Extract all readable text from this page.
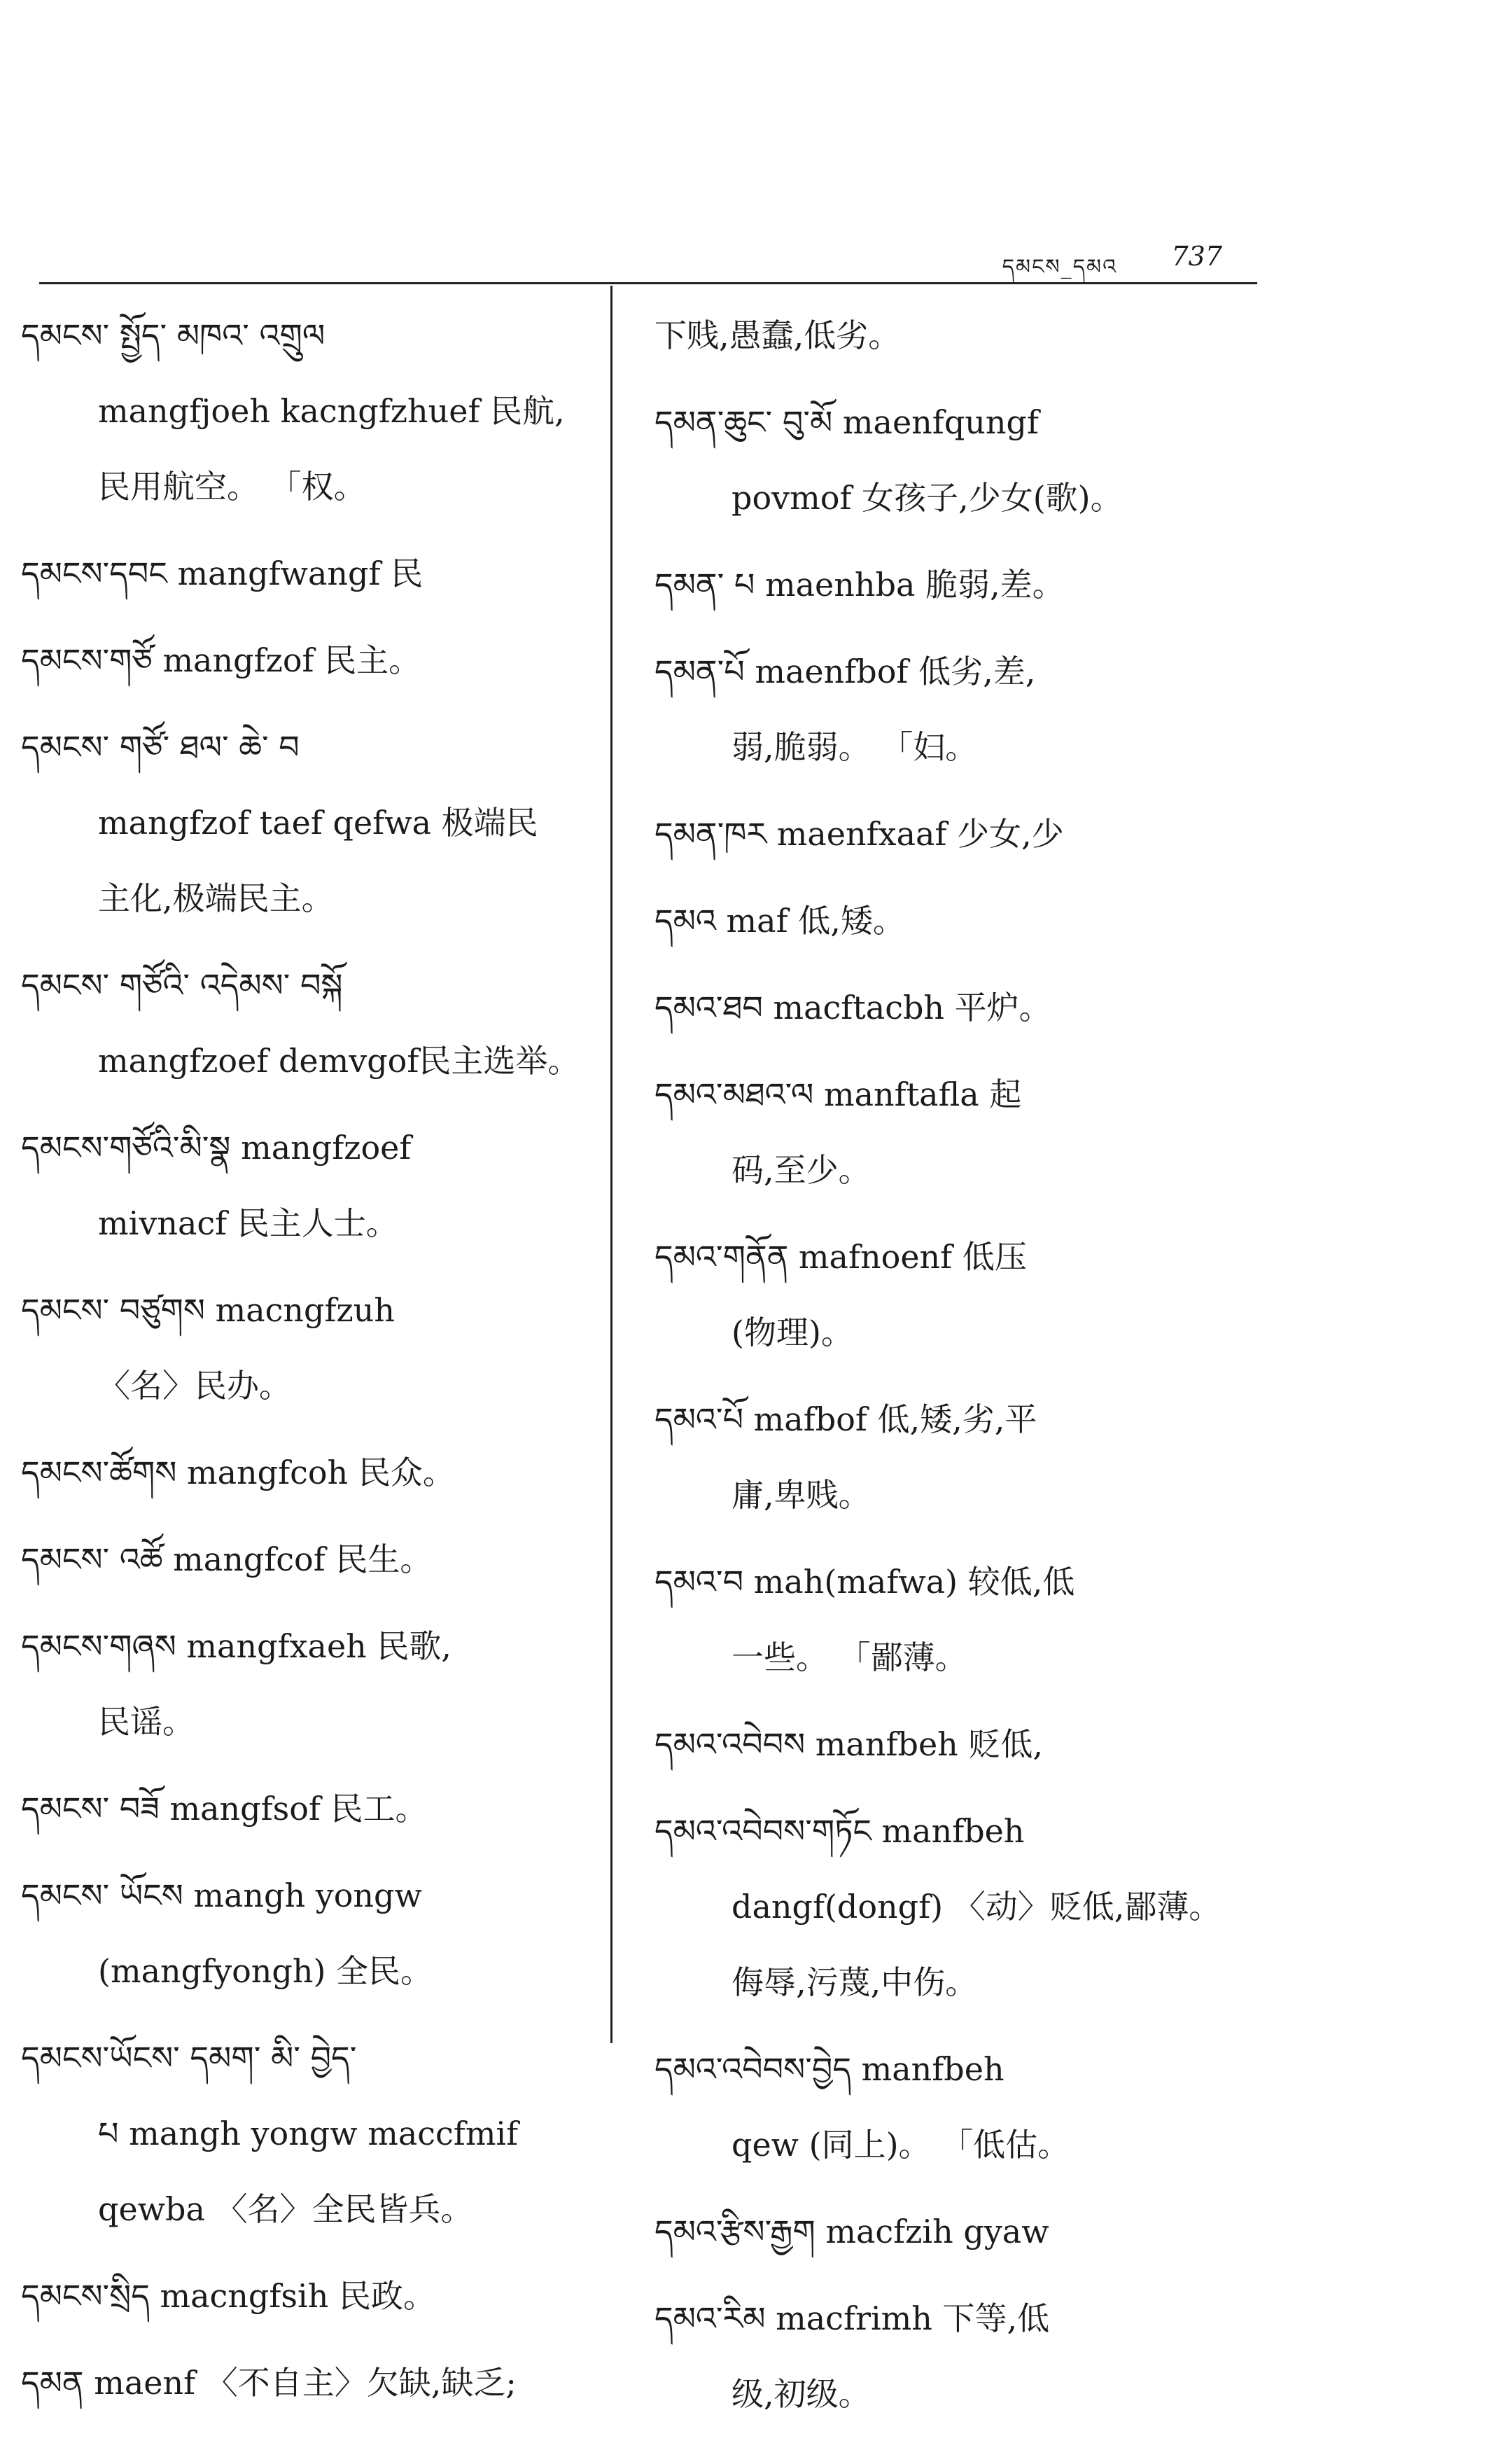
དམངས_དམའ 737
དམངས་ སྤྱོད་ མཁའ་ འགྲུལ
mangfjoeh kacngfzhuef 民航,
民用航空。 「权。
དམངས་དབང mangfwangf 民
དམངས་གཙོ mangfzof 民主。
དམངས་ གཙོ་ ཐལ་ ཆེ་ བ
mangfzof taef qefwa 极端民
主化,极端民主。
དམངས་ གཙོའི་ འདེམས་ བསྐོ
mangfzoef demvgof民主选举。
དམངས་གཙོའི་མི་སྣ mangfzoef
mivnacf 民主人士。
དམངས་ བཙུགས macngfzuh
〈名〉民办。
དམངས་ཚོགས mangfcoh 民众。
དམངས་ འཚོ mangfcof 民生。
དམངས་གཞས mangfxaeh 民歌,
民谣。
དམངས་ བཟོ mangfsof 民工。
དམངས་ ཡོངས mangh yongw
(mangfyongh) 全民。
དམངས་ཡོངས་ དམག་ མི་ བྱེད་
པ mangh yongw maccfmif
qewba 〈名〉全民皆兵。
དམངས་སྲིད macngfsih 民政。
དམན maenf 〈不自主〉欠缺,缺乏;
下贱,愚蠢,低劣。
དམན་ཆུང་ བུ་མོ maenfqungf
povmof 女孩子,少女(歌)。
དམན་ པ maenhba 脆弱,差。
དམན་པོ maenfbof 低劣,差,
弱,脆弱。 「妇。
དམན་ཁར maenfxaaf 少女,少
དམའ maf 低,矮。
དམའ་ཐབ macftacbh 平炉。
དམའ་མཐའ་ལ manftafla 起
码,至少。
དམའ་གནོན mafnoenf 低压
(物理)。
དམའ་པོ mafbof 低,矮,劣,平
庸,卑贱。
དམའ་བ mah(mafwa) 较低,低
一些。 「鄙薄。
དམའ་འབེབས manfbeh 贬低,
དམའ་འབེབས་གཏོང manfbeh
dangf(dongf) 〈动〉贬低,鄙薄。
侮辱,污蔑,中伤。
དམའ་འབེབས་བྱེད manfbeh
qew (同上)。 「低估。
དམའ་རྩིས་རྒྱག macfzih gyaw
དམའ་རིམ macfrimh 下等,低
级,初级。
